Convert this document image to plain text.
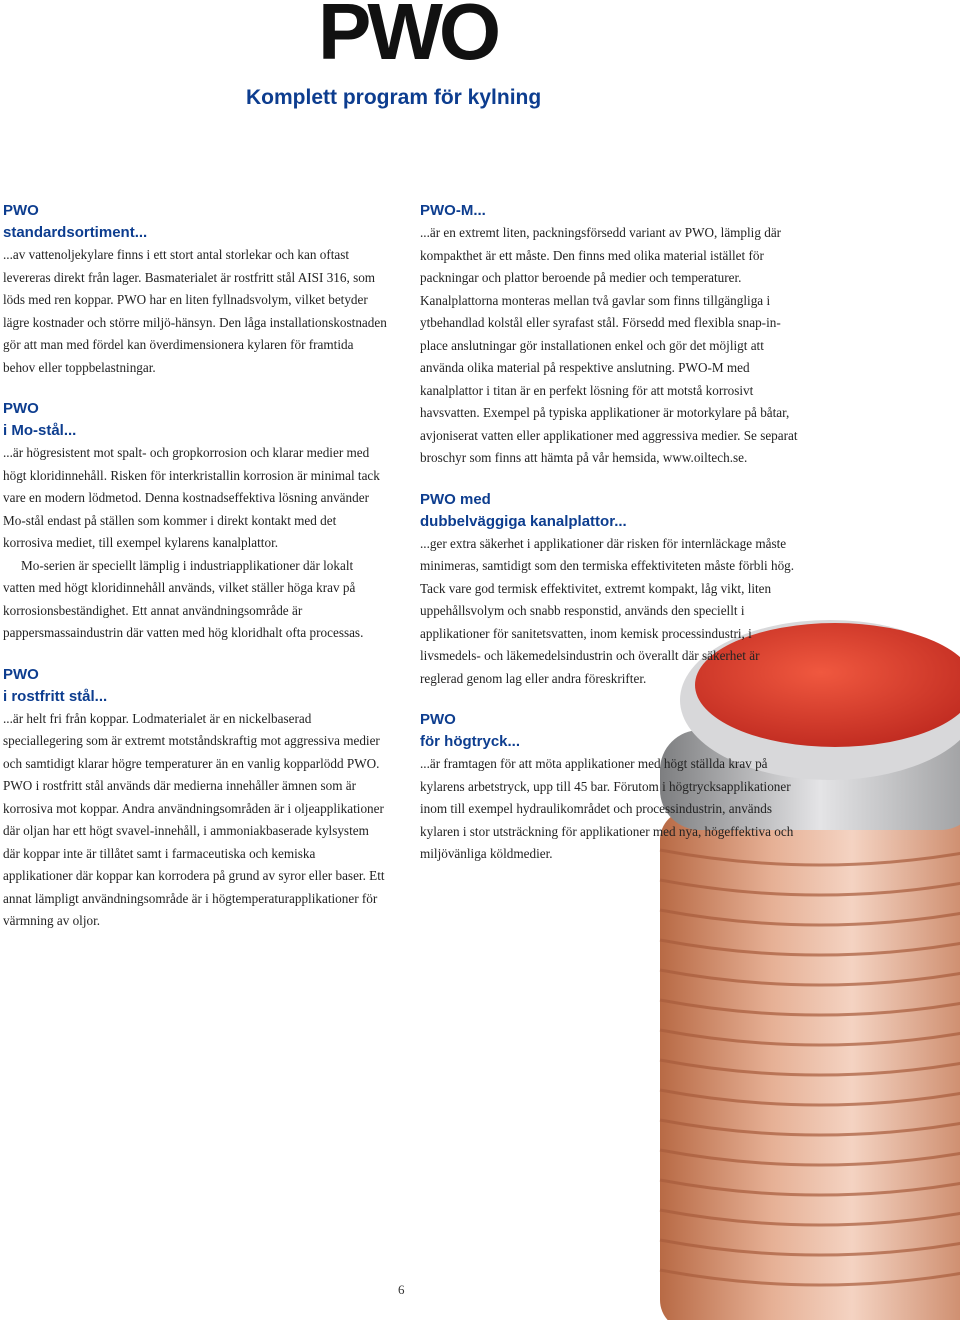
PWO
Komplett program för kylning

PWO

standardsortiment...

...av vattenoljekylare finns i ett stort antal storlekar och kan oftast levereras direkt från lager. Basmaterialet är rostfritt stål AISI 316, som löds med ren koppar. PWO har en liten fyllnadsvolym, vilket betyder lägre kostnader och större miljö-hänsyn. Den låga installationskostnaden gör att man med fördel kan överdimensionera kylaren för framtida behov eller toppbelastningar.

PWO

i Mo-stål...

...är högresistent mot spalt- och gropkorrosion och klarar medier med högt kloridinnehåll. Risken för interkristallin korrosion är minimal tack vare en modern lödmetod. Denna kostnadseffektiva lösning använder Mo-stål endast på ställen som kommer i direkt kontakt med det korrosiva mediet, till exempel kylarens kanalplattor.

Mo-serien är speciellt lämplig i industriapplikationer där lokalt vatten med högt kloridinnehåll används, vilket ställer höga krav på korrosionsbeständighet. Ett annat användningsområde är pappersmassaindustrin där vatten med hög kloridhalt ofta processas.

PWO

i rostfritt stål...

...är helt fri från koppar. Lodmaterialet är en nickelbaserad speciallegering som är extremt motståndskraftig mot aggressiva medier och samtidigt klarar högre temperaturer än en vanlig kopparlödd PWO. PWO i rostfritt stål används där medierna innehåller ämnen som är korrosiva mot koppar. Andra användningsområden är i oljeapplikationer där oljan har ett högt svavel-innehåll, i ammoniakbaserade kylsystem där koppar inte är tillåtet samt i farmaceutiska och kemiska applikationer där koppar kan korrodera på grund av syror eller baser. Ett annat lämpligt användningsområde är i högtemperaturapplikationer för värmning av oljor.

PWO-M...

...är en extremt liten, packningsförsedd variant av PWO, lämplig där kompakthet är ett måste. Den finns med olika material istället för packningar och plattor beroende på medier och temperaturer. Kanalplattorna monteras mellan två gavlar som finns tillgängliga i ytbehandlad kolstål eller syrafast stål. Försedd med flexibla snap-in-place anslutningar gör installationen enkel och gör det möjligt att använda olika material på respektive anslutning. PWO-M med kanalplattor i titan är en perfekt lösning för att motstå korrosivt havsvatten. Exempel på typiska applikationer är motorkylare på båtar, avjoniserat vatten eller applikationer med aggressiva medier. Se separat broschyr som finns att hämta på vår hemsida, www.oiltech.se.

PWO med

dubbelväggiga kanalplattor...

...ger extra säkerhet i applikationer där risken för internläckage måste minimeras, samtidigt som den termiska effektiviteten måste förbli hög. Tack vare god termisk effektivitet, extremt kompakt, låg vikt, liten uppehållsvolym och snabb responstid, används den speciellt i applikationer för sanitetsvatten, inom kemisk processindustri, i livsmedels- och läkemedelsindustrin och överallt där säkerhet är reglerad genom lag eller andra föreskrifter.

PWO

för högtryck...

...är framtagen för att möta applikationer med högt ställda krav på kylarens arbetstryck, upp till 45 bar. Förutom i högtrycksapplikationer inom till exempel hydraulikområdet och processindustrin, används kylaren i stor utsträckning för applikationer med nya, högeffektiva och miljövänliga köldmedier.

6
